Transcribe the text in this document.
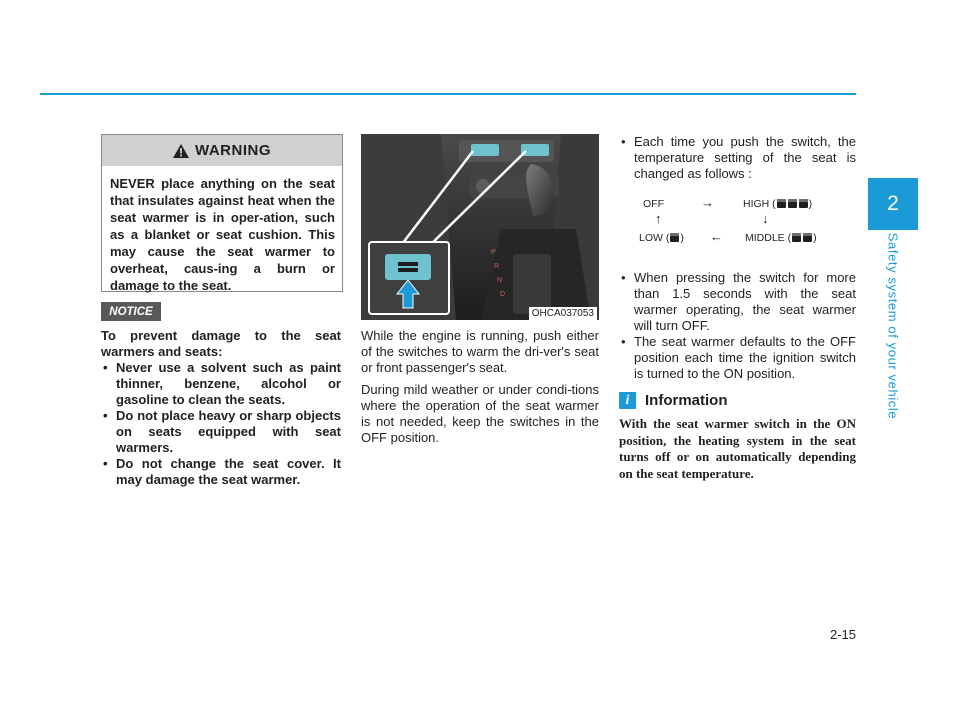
2
Safety system of your vehicle
WARNING
NEVER place anything on the seat that insulates against heat when the seat warmer is in oper-ation, such as a blanket or seat cushion. This may cause the seat warmer to overheat, caus-ing a burn or damage to the seat.
NOTICE

To prevent damage to the seat warmers and seats:

• Never use a solvent such as paint thinner, benzene, alcohol or gasoline to clean the seats.
• Do not place heavy or sharp objects on seats equipped with seat warmers.
• Do not change the seat cover. It may damage the seat warmer.
P
R
N
D
OHCA037053

While the engine is running, push either of the switches to warm the dri-ver's seat or front passenger's seat.

During mild weather or under condi-tions where the operation of the seat warmer is not needed, keep the switches in the OFF position.

• Each time you push the switch, the temperature setting of the seat is changed as follows :
OFF	→	HIGH (	)
↑	↓
LOW ( ) ← MIDDLE ( )
• When pressing the switch for more than 1.5 seconds with the seat warmer operating, the seat warmer will turn OFF.
• The seat warmer defaults to the OFF position each time the ignition switch is turned to the ON position.
i	Information
With the seat warmer switch in the ON position, the heating system in the seat turns off or on automatically depending on the seat temperature.
2-15
